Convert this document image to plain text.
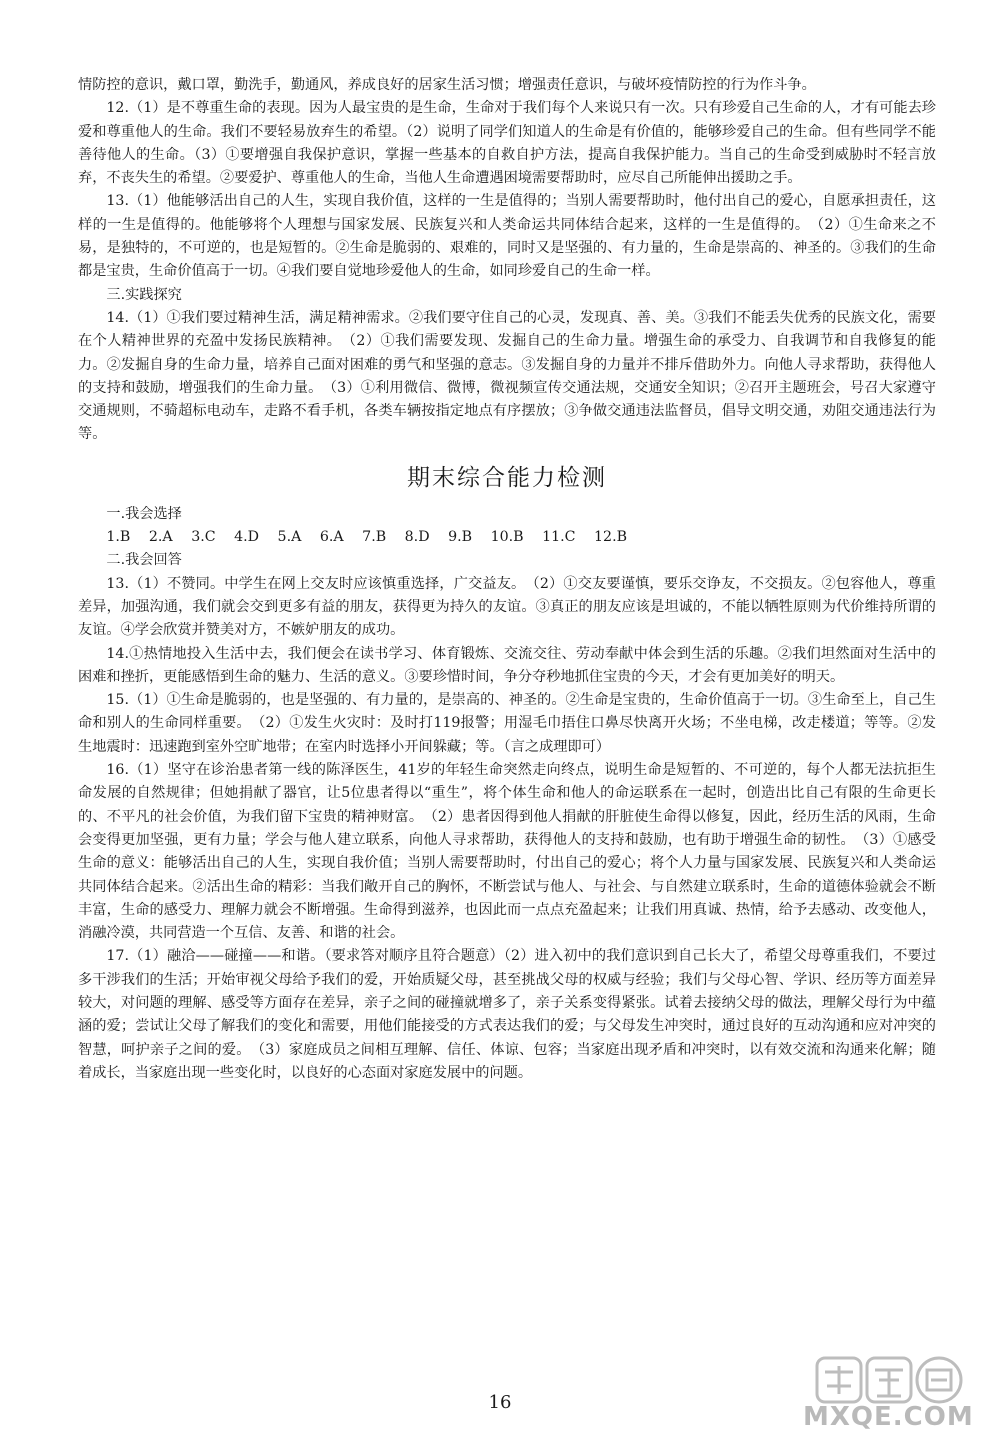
情防控的意识，戴口罩，勤洗手，勤通风，养成良好的居家生活习惯；增强责任意识，与破坏疫情防控的行为作斗争。

12.（1）是不尊重生命的表现。因为人最宝贵的是生命，生命对于我们每个人来说只有一次。只有珍爱自己生命的人，才有可能去珍爱和尊重他人的生命。我们不要轻易放弃生的希望。（2）说明了同学们知道人的生命是有价值的，能够珍爱自己的生命。但有些同学不能善待他人的生命。（3）①要增强自我保护意识，掌握一些基本的自救自护方法，提高自我保护能力。当自己的生命受到威胁时不轻言放弃，不丧失生的希望。②要爱护、尊重他人的生命，当他人生命遭遇困境需要帮助时，应尽自己所能伸出援助之手。

13.（1）他能够活出自己的人生，实现自我价值，这样的一生是值得的；当别人需要帮助时，他付出自己的爱心，自愿承担责任，这样的一生是值得的。他能够将个人理想与国家发展、民族复兴和人类命运共同体结合起来，这样的一生是值得的。　（2）①生命来之不易，是独特的，不可逆的，也是短暂的。②生命是脆弱的、艰难的，同时又是坚强的、有力量的，生命是崇高的、神圣的。③我们的生命都是宝贵，生命价值高于一切。④我们要自觉地珍爱他人的生命，如同珍爱自己的生命一样。

三.实践探究

14.（1）①我们要过精神生活，满足精神需求。②我们要守住自己的心灵，发现真、善、美。③我们不能丢失优秀的民族文化，需要在个人精神世界的充盈中发扬民族精神。　（2）①我们需要发现、发掘自己的生命力量。增强生命的承受力、自我调节和自我修复的能力。②发掘自身的生命力量，培养自己面对困难的勇气和坚强的意志。③发掘自身的力量并不排斥借助外力。向他人寻求帮助，获得他人的支持和鼓励，增强我们的生命力量。　（3）①利用微信、微博，微视频宣传交通法规，交通安全知识；②召开主题班会，号召大家遵守交通规则，不骑超标电动车，走路不看手机，各类车辆按指定地点有序摆放；③争做交通违法监督员，倡导文明交通，劝阻交通违法行为等。

期末综合能力检测

一.我会选择

1.B 2.A 3.C 4.D 5.A 6.A 7.B 8.D 9.B 10.B 11.C 12.B

二.我会回答

13.（1）不赞同。中学生在网上交友时应该慎重选择，广交益友。　（2）①交友要谨慎，要乐交诤友，不交损友。②包容他人，尊重差异，加强沟通，我们就会交到更多有益的朋友，获得更为持久的友谊。③真正的朋友应该是坦诚的，不能以牺牲原则为代价维持所谓的友谊。④学会欣赏并赞美对方，不嫉妒朋友的成功。

14.①热情地投入生活中去，我们便会在读书学习、体育锻炼、交流交往、劳动奉献中体会到生活的乐趣。②我们坦然面对生活中的困难和挫折，更能感悟到生命的魅力、生活的意义。③要珍惜时间，争分夺秒地抓住宝贵的今天，才会有更加美好的明天。

15.（1）①生命是脆弱的，也是坚强的、有力量的，是崇高的、神圣的。②生命是宝贵的，生命价值高于一切。③生命至上，自己生命和别人的生命同样重要。　（2）①发生火灾时：及时打119报警；用湿毛巾捂住口鼻尽快离开火场；不坐电梯，改走楼道；等等。②发生地震时：迅速跑到室外空旷地带；在室内时选择小开间躲藏；等。（言之成理即可）

16.（1）坚守在诊治患者第一线的陈泽医生，41岁的年轻生命突然走向终点，说明生命是短暂的、不可逆的，每个人都无法抗拒生命发展的自然规律；但她捐献了器官，让5位患者得以“重生”，将个体生命和他人的命运联系在一起时，创造出比自己有限的生命更长的、不平凡的社会价值，为我们留下宝贵的精神财富。　（2）患者因得到他人捐献的肝脏使生命得以修复，因此，经历生活的风雨，生命会变得更加坚强，更有力量；学会与他人建立联系，向他人寻求帮助，获得他人的支持和鼓励，也有助于增强生命的韧性。　（3）①感受生命的意义：能够活出自己的人生，实现自我价值；当别人需要帮助时，付出自己的爱心；将个人力量与国家发展、民族复兴和人类命运共同体结合起来。②活出生命的精彩：当我们敞开自己的胸怀，不断尝试与他人、与社会、与自然建立联系时，生命的道德体验就会不断丰富，生命的感受力、理解力就会不断增强。生命得到滋养，也因此而一点点充盈起来；让我们用真诚、热情，给予去感动、改变他人，消融冷漠，共同营造一个互信、友善、和谐的社会。

17.（1）融洽——碰撞——和谐。（要求答对顺序且符合题意）（2）进入初中的我们意识到自己长大了，希望父母尊重我们，不要过多干涉我们的生活；开始审视父母给予我们的爱，开始质疑父母，甚至挑战父母的权威与经验；我们与父母心智、学识、经历等方面差异较大，对问题的理解、感受等方面存在差异，亲子之间的碰撞就增多了，亲子关系变得紧张。试着去接纳父母的做法，理解父母行为中蕴涵的爱；尝试让父母了解我们的变化和需要，用他们能接受的方式表达我们的爱；与父母发生冲突时，通过良好的互动沟通和应对冲突的智慧，呵护亲子之间的爱。　（3）家庭成员之间相互理解、信任、体谅、包容；当家庭出现矛盾和冲突时，以有效交流和沟通来化解；随着成长，当家庭出现一些变化时，以良好的心态面对家庭发展中的问题。

16	MXQE.COM
